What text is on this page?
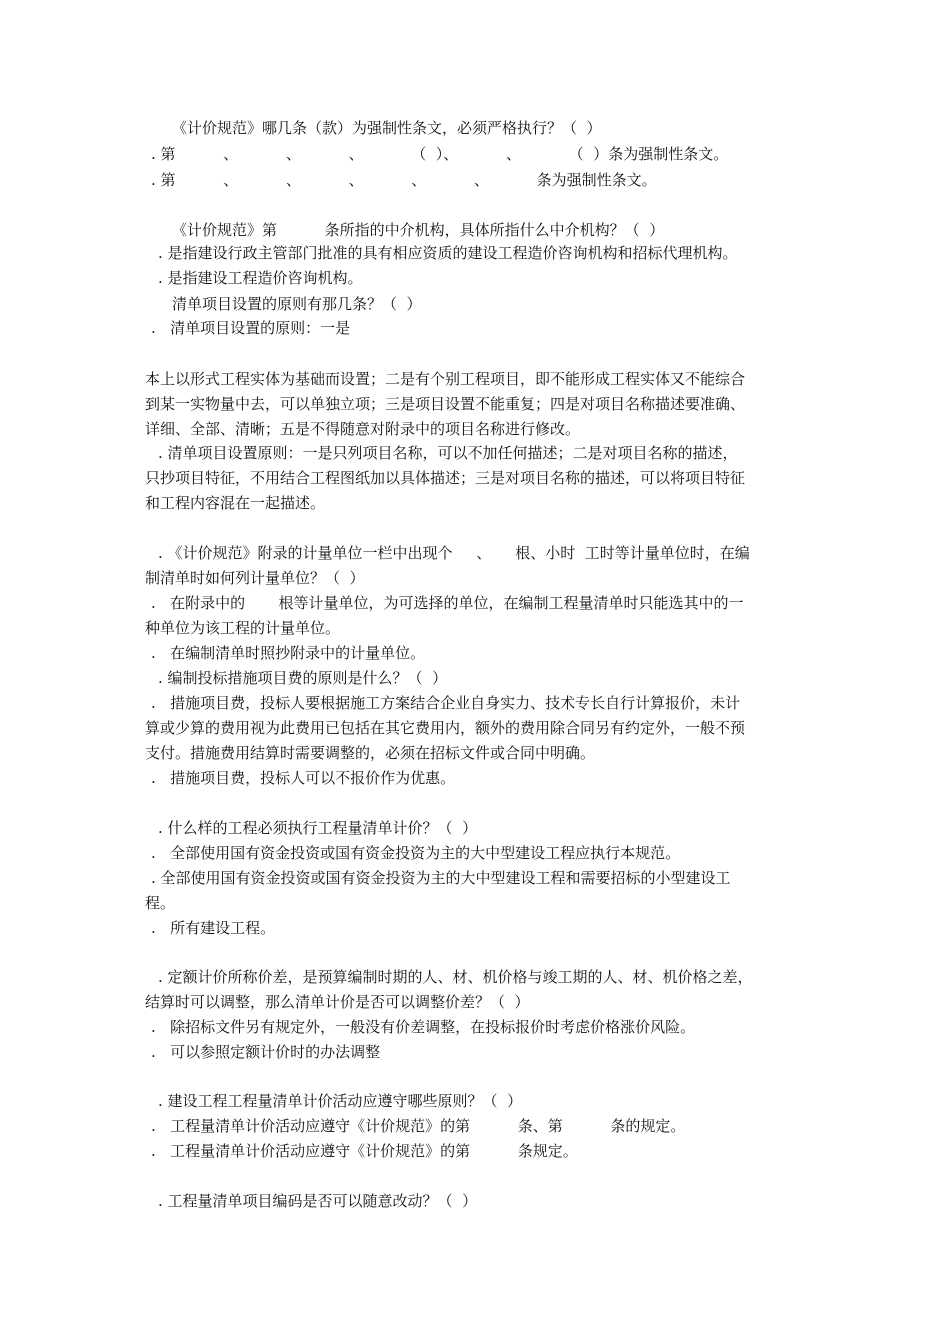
《计价规范》哪几条（款）为强制性条文，必须严格执行？（  ）

. 第          、          、          、          （  ）、          、          （  ）条为强制性条文。

. 第          、          、          、          、          、          条为强制性条文。

《计价规范》第          条所指的中介机构，具体所指什么中介机构？（  ）

. 是指建设行政主管部门批准的具有相应资质的建设工程造价咨询机构和招标代理机构。

. 是指建设工程造价咨询机构。

清单项目设置的原则有那几条？（  ）

.   清单项目设置的原则：一是

本上以形式工程实体为基础而设置；二是有个别工程项目，即不能形成工程实体又不能综合

到某一实物量中去，可以单独立项；三是项目设置不能重复；四是对项目名称描述要准确、

详细、全部、清晰；五是不得随意对附录中的项目名称进行修改。

. 清单项目设置原则：一是只列项目名称，可以不加任何描述；二是对项目名称的描述，

只抄项目特征，不用结合工程图纸加以具体描述；三是对项目名称的描述，可以将项目特征

和工程内容混在一起描述。

. 《计价规范》附录的计量单位一栏中出现个     、     根、小时  工时等计量单位时，在编

制清单时如何列计量单位？（  ）

.   在附录中的       根等计量单位，为可选择的单位，在编制工程量清单时只能选其中的一

种单位为该工程的计量单位。

.   在编制清单时照抄附录中的计量单位。

. 编制投标措施项目费的原则是什么？（  ）

.   措施项目费，投标人要根据施工方案结合企业自身实力、技术专长自行计算报价，未计

算或少算的费用视为此费用已包括在其它费用内，额外的费用除合同另有约定外，一般不预

支付。措施费用结算时需要调整的，必须在招标文件或合同中明确。

.   措施项目费，投标人可以不报价作为优惠。

. 什么样的工程必须执行工程量清单计价？（  ）

.   全部使用国有资金投资或国有资金投资为主的大中型建设工程应执行本规范。

. 全部使用国有资金投资或国有资金投资为主的大中型建设工程和需要招标的小型建设工

程。

.   所有建设工程。

. 定额计价所称价差，是预算编制时期的人、材、机价格与竣工期的人、材、机价格之差，

结算时可以调整，那么清单计价是否可以调整价差？（  ）

.   除招标文件另有规定外，一般没有价差调整，在投标报价时考虑价格涨价风险。

.   可以参照定额计价时的办法调整

. 建设工程工程量清单计价活动应遵守哪些原则？（  ）

.   工程量清单计价活动应遵守《计价规范》的第          条、第          条的规定。

.   工程量清单计价活动应遵守《计价规范》的第          条规定。

. 工程量清单项目编码是否可以随意改动？（  ）
